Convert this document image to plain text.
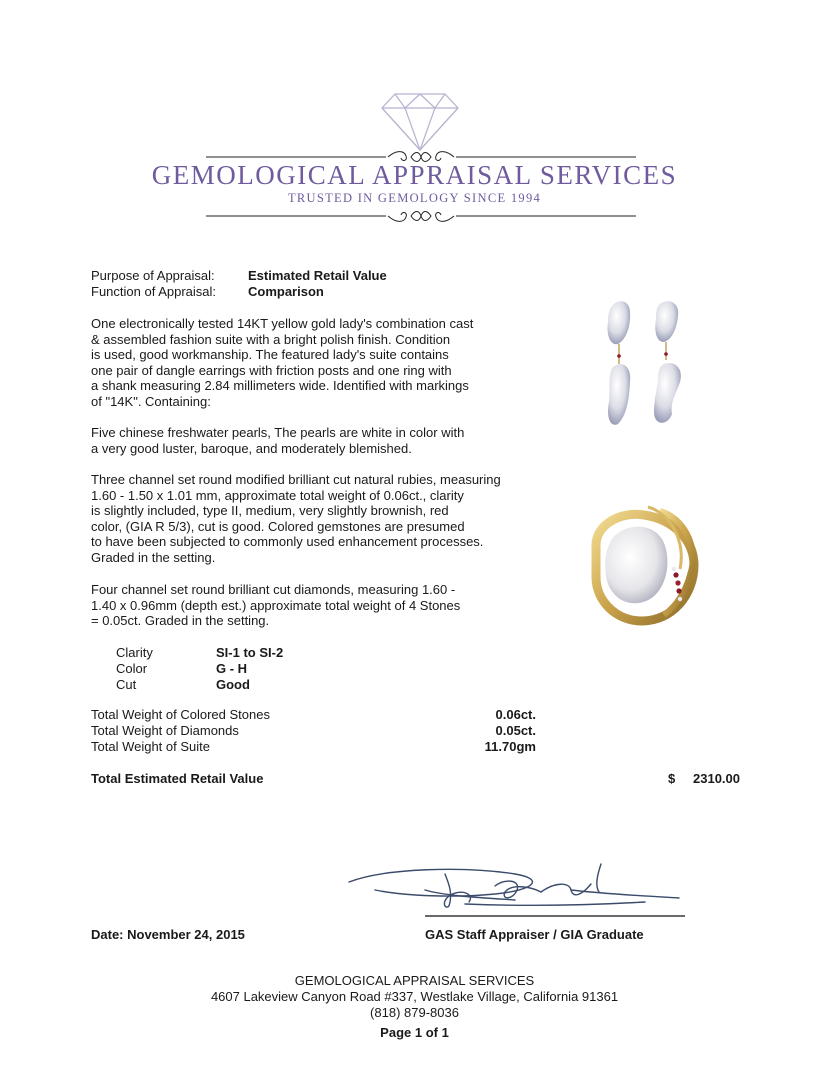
GEMOLOGICAL APPRAISAL SERVICES
TRUSTED IN GEMOLOGY SINCE 1994
Purpose of Appraisal:	Estimated Retail Value
Function of Appraisal: Comparison
One electronically tested 14KT yellow gold lady's combination cast
& assembled fashion suite with a bright polish finish. Condition
is used, good workmanship. The featured lady's suite contains
one pair of dangle earrings with friction posts and one ring with
a shank measuring 2.84 millimeters wide. Identified with markings
of "14K". Containing:
Five chinese freshwater pearls, The pearls are white in color with
a very good luster, baroque, and moderately blemished.
Three channel set round modified brilliant cut natural rubies, measuring
1.60 - 1.50 x 1.01 mm, approximate total weight of 0.06ct., clarity
is slightly included, type II, medium, very slightly brownish, red
color, (GIA R 5/3), cut is good. Colored gemstones are presumed
to have been subjected to commonly used enhancement processes.
Graded in the setting.
Four channel set round brilliant cut diamonds, measuring 1.60 -
1.40 x 0.96mm (depth est.) approximate total weight of 4 Stones
= 0.05ct. Graded in the setting.
Clarity	SI-1 to SI-2
Color	G - H
Cut	Good
Total Weight of Colored Stones	0.06ct.
Total Weight of Diamonds	0.05ct.
Total Weight of Suite	11.70gm
Total Estimated Retail Value	$	2310.00
Date: November 24, 2015	GAS Staff Appraiser / GIA Graduate
GEMOLOGICAL APPRAISAL SERVICES
4607 Lakeview Canyon Road #337, Westlake Village, California 91361
(818) 879-8036
Page 1 of 1
